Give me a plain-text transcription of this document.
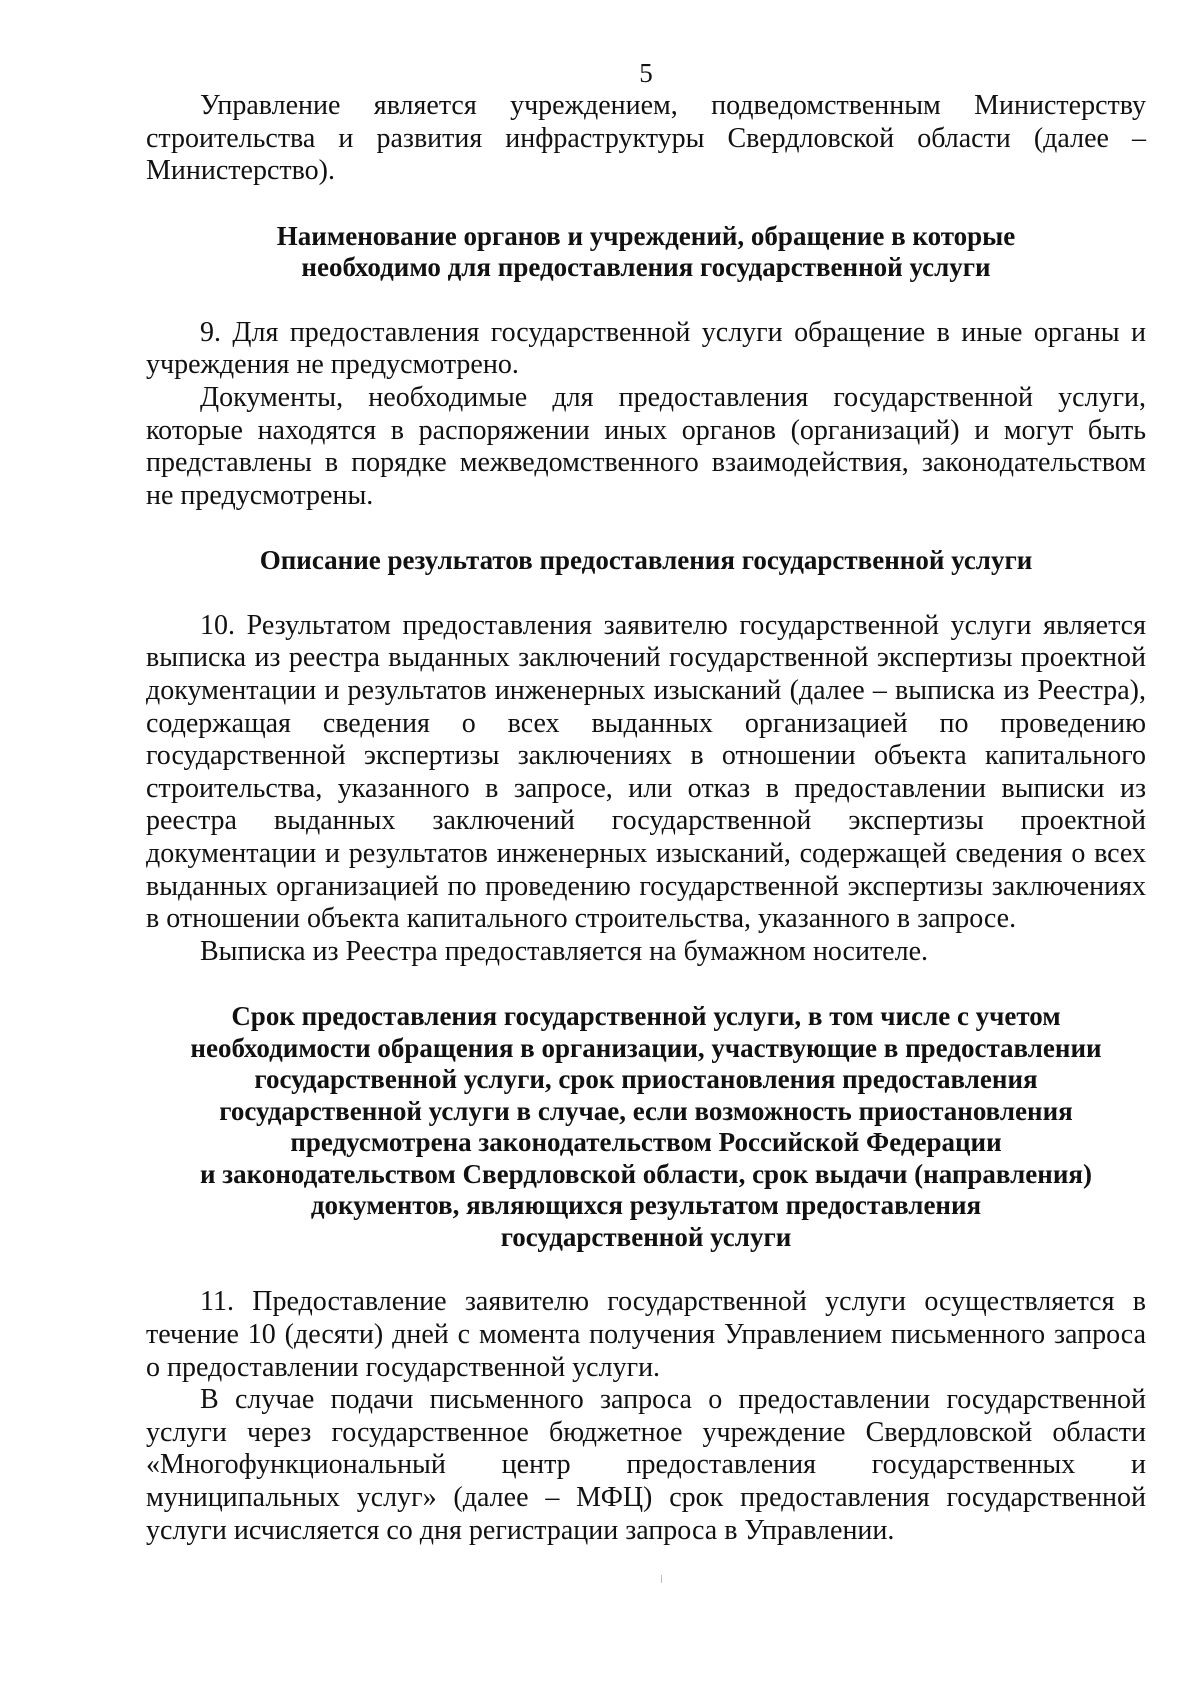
5

Управление является учреждением, подведомственным Министерству строительства и развития инфраструктуры Свердловской области (далее – Министерство).

Наименование органов и учреждений, обращение в которые
необходимо для предоставления государственной услуги

9. Для предоставления государственной услуги обращение в иные органы и учреждения не предусмотрено.

Документы, необходимые для предоставления государственной услуги, которые находятся в распоряжении иных органов (организаций) и могут быть представлены в порядке межведомственного взаимодействия, законодательством не предусмотрены.

Описание результатов предоставления государственной услуги

10. Результатом предоставления заявителю государственной услуги является выписка из реестра выданных заключений государственной экспертизы проектной документации и результатов инженерных изысканий (далее – выписка из Реестра), содержащая сведения о всех выданных организацией по проведению государственной экспертизы заключениях в отношении объекта капитального строительства, указанного в запросе, или отказ в предоставлении выписки из реестра выданных заключений государственной экспертизы проектной документации и результатов инженерных изысканий, содержащей сведения о всех выданных организацией по проведению государственной экспертизы заключениях в отношении объекта капитального строительства, указанного в запросе.

Выписка из Реестра предоставляется на бумажном носителе.

Срок предоставления государственной услуги, в том числе с учетом
необходимости обращения в организации, участвующие в предоставлении
государственной услуги, срок приостановления предоставления
государственной услуги в случае, если возможность приостановления
предусмотрена законодательством Российской Федерации
и законодательством Свердловской области, срок выдачи (направления)
документов, являющихся результатом предоставления
государственной услуги

11. Предоставление заявителю государственной услуги осуществляется в течение 10 (десяти) дней с момента получения Управлением письменного запроса о предоставлении государственной услуги.

В случае подачи письменного запроса о предоставлении государственной услуги через государственное бюджетное учреждение Свердловской области «Многофункциональный центр предоставления государственных и муниципальных услуг» (далее – МФЦ) срок предоставления государственной услуги исчисляется со дня регистрации запроса в Управлении.
